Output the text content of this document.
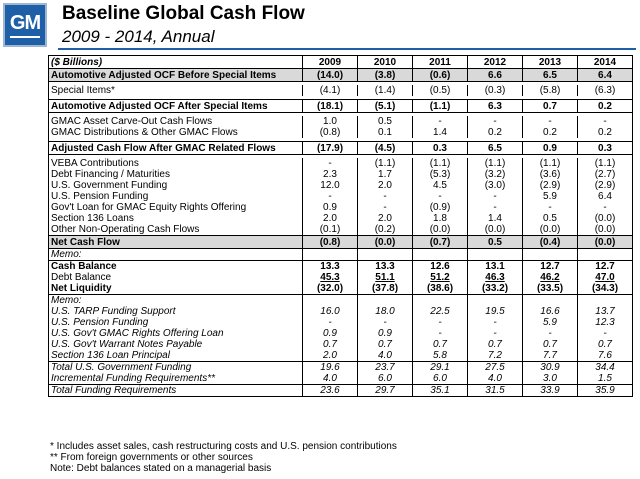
GM Baseline Global Cash Flow
2009 - 2014, Annual
($ Billions)	2009	2010	2011	2012	2013	2014
Automotive Adjusted OCF Before Special Items	(14.0)	(3.8)	(0.6)	6.6	6.5	6.4

Special Items*	(4.1)	(1.4)	(0.5)	(0.3)	(5.8)	(6.3)

Automotive Adjusted OCF After Special Items	(18.1)	(5.1)	(1.1)	6.3	0.7	0.2

GMAC Asset Carve-Out Cash Flows	1.0	0.5	-	-	-	-
GMAC Distributions & Other GMAC Flows	(0.8)	0.1	1.4	0.2	0.2	0.2

Adjusted Cash Flow After GMAC Related Flows	(17.9)	(4.5)	0.3	6.5	0.9	0.3

VEBA Contributions	-	(1.1)	(1.1)	(1.1)	(1.1)	(1.1)
Debt Financing / Maturities	2.3	1.7	(5.3)	(3.2)	(3.6)	(2.7)
U.S. Government Funding	12.0	2.0	4.5	(3.0)	(2.9)	(2.9)
U.S. Pension Funding	-	-	-	-	5.9	6.4
Gov't Loan for GMAC Equity Rights Offering	0.9	-	(0.9)	-	-	-
Section 136 Loans	2.0	2.0	1.8	1.4	0.5	(0.0)
Other Non-Operating Cash Flows	(0.1)	(0.2)	(0.0)	(0.0)	(0.0)	(0.0)
Net Cash Flow	(0.8)	(0.0)	(0.7)	0.5	(0.4)	(0.0)
Memo:						
Cash Balance	13.3	13.3	12.6	13.1	12.7	12.7
Debt Balance	45.3	51.1	51.2	46.3	46.2	47.0
Net Liquidity	(32.0)	(37.8)	(38.6)	(33.2)	(33.5)	(34.3)
Memo:						
U.S. TARP Funding Support	16.0	18.0	22.5	19.5	16.6	13.7
U.S. Pension Funding	-	-	-	-	5.9	12.3
U.S. Gov't GMAC Rights Offering Loan	0.9	0.9	-	-	-	-
U.S. Gov't Warrant Notes Payable	0.7	0.7	0.7	0.7	0.7	0.7
Section 136 Loan Principal	2.0	4.0	5.8	7.2	7.7	7.6
Total U.S. Government Funding	19.6	23.7	29.1	27.5	30.9	34.4
Incremental Funding Requirements**	4.0	6.0	6.0	4.0	3.0	1.5
Total Funding Requirements	23.6	29.7	35.1	31.5	33.9	35.9
* Includes asset sales, cash restructuring costs and U.S. pension contributions
** From foreign governments or other sources
Note: Debt balances stated on a managerial basis
